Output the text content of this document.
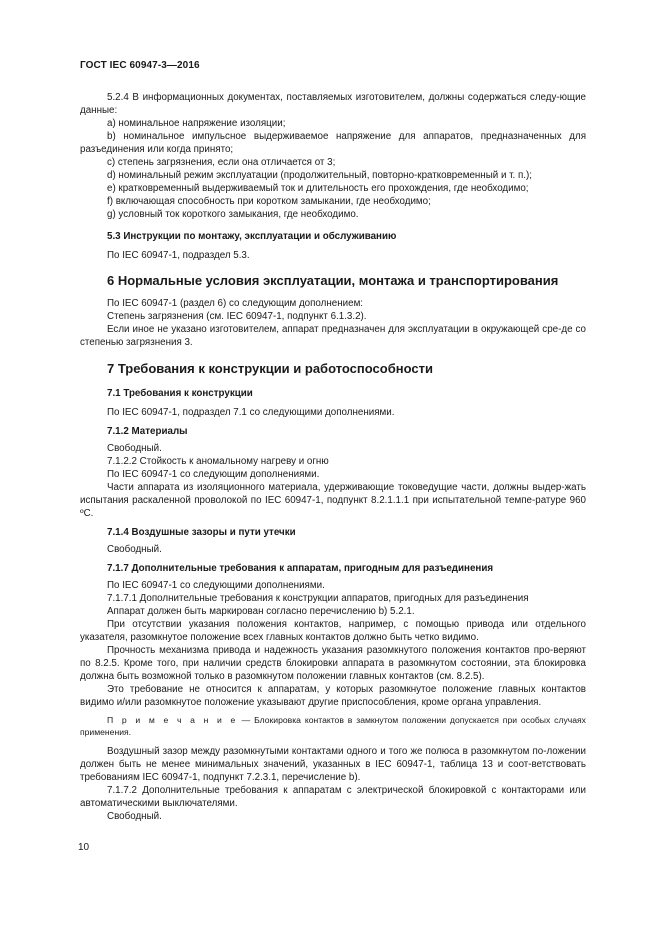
ГОСТ IEC 60947-3—2016

5.2.4 В информационных документах, поставляемых изготовителем, должны содержаться следу-ющие данные:

a) номинальное напряжение изоляции;

b) номинальное импульсное выдерживаемое напряжение для аппаратов, предназначенных для разъединения или когда принято;

c) степень загрязнения, если она отличается от 3;

d) номинальный режим эксплуатации (продолжительный, повторно-кратковременный и т. п.);

e) кратковременный выдерживаемый ток и длительность его прохождения, где необходимо;

f) включающая способность при коротком замыкании, где необходимо;

g) условный ток короткого замыкания, где необходимо.

5.3 Инструкции по монтажу, эксплуатации и обслуживанию

По IEC 60947-1, подраздел 5.3.

6 Нормальные условия эксплуатации, монтажа и транспортирования

По IEC 60947-1 (раздел 6) со следующим дополнением:

Степень загрязнения (см. IEC 60947-1, подпункт 6.1.3.2).

Если иное не указано изготовителем, аппарат предназначен для эксплуатации в окружающей сре-де со степенью загрязнения 3.

7 Требования к конструкции и работоспособности

7.1 Требования к конструкции

По IEC 60947-1, подраздел 7.1 со следующими дополнениями.

7.1.2 Материалы

Свободный.

7.1.2.2 Стойкость к аномальному нагреву и огню

По IEC 60947-1 со следующим дополнениями.

Части аппарата из изоляционного материала, удерживающие токоведущие части, должны выдер-жать испытания раскаленной проволокой по IEC 60947-1, подпункт 8.2.1.1.1 при испытательной темпе-ратуре 960 ºC.

7.1.4 Воздушные зазоры и пути утечки

Свободный.

7.1.7 Дополнительные требования к аппаратам, пригодным для разъединения

По IEC 60947-1 со следующими дополнениями.

7.1.7.1 Дополнительные требования к конструкции аппаратов, пригодных для разъединения

Аппарат должен быть маркирован согласно перечислению b) 5.2.1.

При отсутствии указания положения контактов, например, с помощью привода или отдельного указателя, разомкнутое положение всех главных контактов должно быть четко видимо.

Прочность механизма привода и надежность указания разомкнутого положения контактов про-веряют по 8.2.5. Кроме того, при наличии средств блокировки аппарата в разомкнутом состоянии, эта блокировка должна быть возможной только в разомкнутом положении главных контактов (см. 8.2.5).

Это требование не относится к аппаратам, у которых разомкнутое положение главных контактов видимо и/или разомкнутое положение указывают другие приспособления, кроме органа управления.

П р и м е ч а н и е — Блокировка контактов в замкнутом положении допускается при особых случаях применения.

Воздушный зазор между разомкнутыми контактами одного и того же полюса в разомкнутом по-ложении должен быть не менее минимальных значений, указанных в IEC 60947-1, таблица 13 и соот-ветствовать требованиям IEC 60947-1, подпункт 7.2.3.1, перечисление b).

7.1.7.2 Дополнительные требования к аппаратам с электрической блокировкой с контакторами или автоматическими выключателями.

Свободный.

10
